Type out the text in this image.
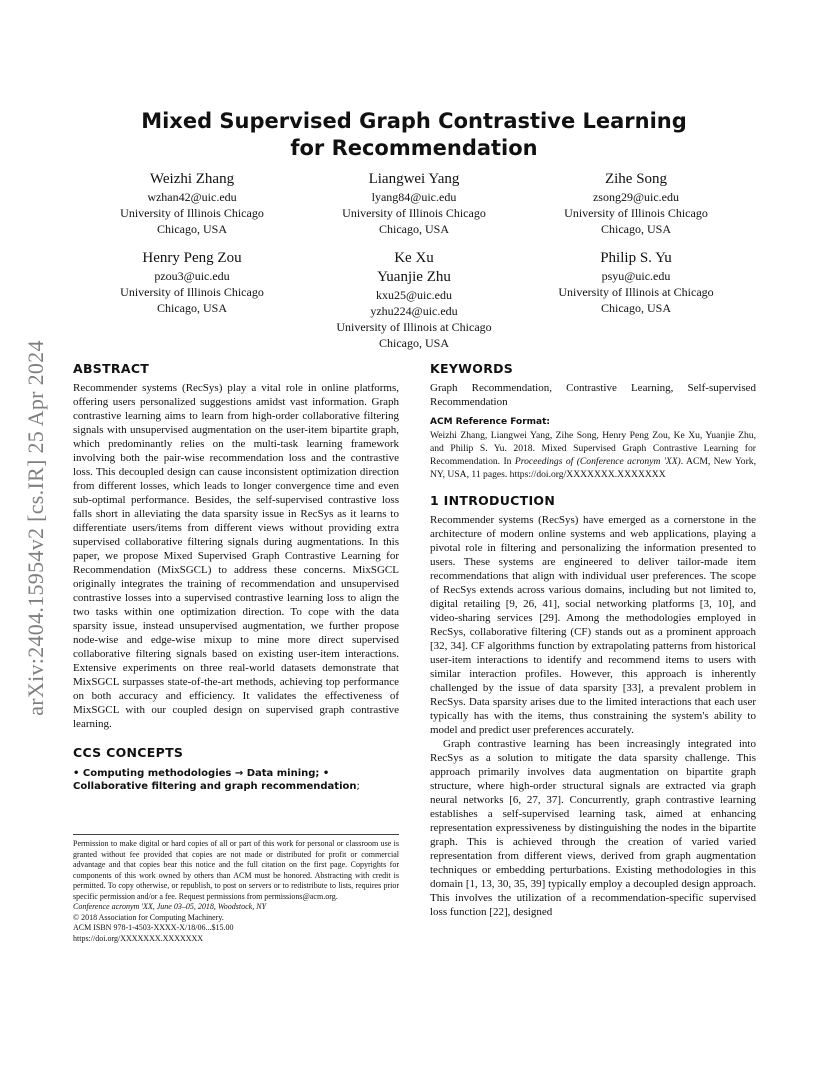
arXiv:2404.15954v2 [cs.IR] 25 Apr 2024
Mixed Supervised Graph Contrastive Learning
for Recommendation
Weizhi Zhang
wzhan42@uic.edu
University of Illinois Chicago
Chicago, USA
Liangwei Yang
lyang84@uic.edu
University of Illinois Chicago
Chicago, USA
Zihe Song
zsong29@uic.edu
University of Illinois Chicago
Chicago, USA
Henry Peng Zou
pzou3@uic.edu
University of Illinois Chicago
Chicago, USA
Ke Xu
Yuanjie Zhu
kxu25@uic.edu
yzhu224@uic.edu
University of Illinois at Chicago
Chicago, USA
Philip S. Yu
psyu@uic.edu
University of Illinois at Chicago
Chicago, USA
ABSTRACT

Recommender systems (RecSys) play a vital role in online platforms, offering users personalized suggestions amidst vast information. Graph contrastive learning aims to learn from high-order collaborative filtering signals with unsupervised augmentation on the user-item bipartite graph, which predominantly relies on the multi-task learning framework involving both the pair-wise recommendation loss and the contrastive loss. This decoupled design can cause inconsistent optimization direction from different losses, which leads to longer convergence time and even sub-optimal performance. Besides, the self-supervised contrastive loss falls short in alleviating the data sparsity issue in RecSys as it learns to differentiate users/items from different views without providing extra supervised collaborative filtering signals during augmentations. In this paper, we propose Mixed Supervised Graph Contrastive Learning for Recommendation (MixSGCL) to address these concerns. MixSGCL originally integrates the training of recommendation and unsupervised contrastive losses into a supervised contrastive learning loss to align the two tasks within one optimization direction. To cope with the data sparsity issue, instead unsupervised augmentation, we further propose node-wise and edge-wise mixup to mine more direct supervised collaborative filtering signals based on existing user-item interactions. Extensive experiments on three real-world datasets demonstrate that MixSGCL surpasses state-of-the-art methods, achieving top performance on both accuracy and efficiency. It validates the effectiveness of MixSGCL with our coupled design on supervised graph contrastive learning.

CCS CONCEPTS

• Computing methodologies → Data mining; • Collaborative filtering and graph recommendation;

Permission to make digital or hard copies of all or part of this work for personal or classroom use is granted without fee provided that copies are not made or distributed for profit or commercial advantage and that copies bear this notice and the full citation on the first page. Copyrights for components of this work owned by others than ACM must be honored. Abstracting with credit is permitted. To copy otherwise, or republish, to post on servers or to redistribute to lists, requires prior specific permission and/or a fee. Request permissions from permissions@acm.org.

Conference acronym 'XX, June 03–05, 2018, Woodstock, NY

© 2018 Association for Computing Machinery.

ACM ISBN 978-1-4503-XXXX-X/18/06...$15.00

https://doi.org/XXXXXXX.XXXXXXX

KEYWORDS

Graph Recommendation, Contrastive Learning, Self-supervised Recommendation

ACM Reference Format:

Weizhi Zhang, Liangwei Yang, Zihe Song, Henry Peng Zou, Ke Xu, Yuanjie Zhu, and Philip S. Yu. 2018. Mixed Supervised Graph Contrastive Learning for Recommendation. In Proceedings of (Conference acronym 'XX). ACM, New York, NY, USA, 11 pages. https://doi.org/XXXXXXX.XXXXXXX

1 INTRODUCTION

Recommender systems (RecSys) have emerged as a cornerstone in the architecture of modern online systems and web applications, playing a pivotal role in filtering and personalizing the information presented to users. These systems are engineered to deliver tailor-made item recommendations that align with individual user preferences. The scope of RecSys extends across various domains, including but not limited to, digital retailing [9, 26, 41], social networking platforms [3, 10], and video-sharing services [29]. Among the methodologies employed in RecSys, collaborative filtering (CF) stands out as a prominent approach [32, 34]. CF algorithms function by extrapolating patterns from historical user-item interactions to identify and recommend items to users with similar interaction profiles. However, this approach is inherently challenged by the issue of data sparsity [33], a prevalent problem in RecSys. Data sparsity arises due to the limited interactions that each user typically has with the items, thus constraining the system's ability to model and predict user preferences accurately.

Graph contrastive learning has been increasingly integrated into RecSys as a solution to mitigate the data sparsity challenge. This approach primarily involves data augmentation on bipartite graph structure, where high-order structural signals are extracted via graph neural networks [6, 27, 37]. Concurrently, graph contrastive learning establishes a self-supervised learning task, aimed at enhancing representation expressiveness by distinguishing the nodes in the bipartite graph. This is achieved through the creation of varied varied representation from different views, derived from graph augmentation techniques or embedding perturbations. Existing methodologies in this domain [1, 13, 30, 35, 39] typically employ a decoupled design approach. This involves the utilization of a recommendation-specific supervised loss function [22], designed
